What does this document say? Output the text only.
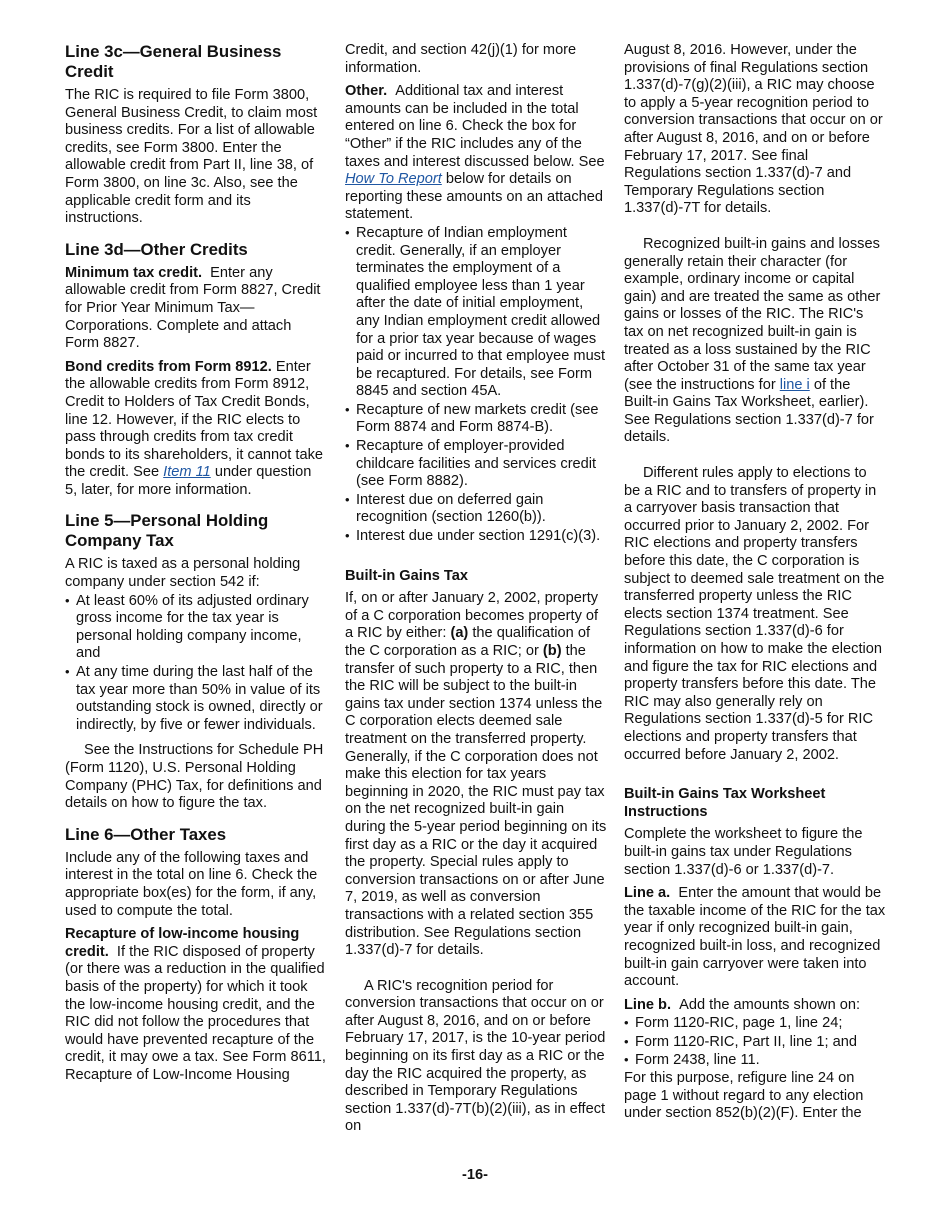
Line 3c—General Business Credit

The RIC is required to file Form 3800, General Business Credit, to claim most business credits. For a list of allowable credits, see Form 3800. Enter the allowable credit from Part II, line 38, of Form 3800, on line 3c. Also, see the applicable credit form and its instructions.

Line 3d—Other Credits

Minimum tax credit. Enter any allowable credit from Form 8827, Credit for Prior Year Minimum Tax—Corporations. Complete and attach Form 8827.

Bond credits from Form 8912. Enter the allowable credits from Form 8912, Credit to Holders of Tax Credit Bonds, line 12. However, if the RIC elects to pass through credits from tax credit bonds to its shareholders, it cannot take the credit. See Item 11 under question 5, later, for more information.

Line 5—Personal Holding Company Tax

A RIC is taxed as a personal holding company under section 542 if:

• At least 60% of its adjusted ordinary gross income for the tax year is personal holding company income, and
• At any time during the last half of the tax year more than 50% in value of its outstanding stock is owned, directly or indirectly, by five or fewer individuals.

See the Instructions for Schedule PH (Form 1120), U.S. Personal Holding Company (PHC) Tax, for definitions and details on how to figure the tax.

Line 6—Other Taxes

Include any of the following taxes and interest in the total on line 6. Check the appropriate box(es) for the form, if any, used to compute the total.

Recapture of low-income housing credit. If the RIC disposed of property (or there was a reduction in the qualified basis of the property) for which it took the low-income housing credit, and the RIC did not follow the procedures that would have prevented recapture of the credit, it may owe a tax. See Form 8611, Recapture of Low-Income Housing

Credit, and section 42(j)(1) for more information.

Other. Additional tax and interest amounts can be included in the total entered on line 6. Check the box for “Other” if the RIC includes any of the taxes and interest discussed below. See How To Report below for details on reporting these amounts on an attached statement.

• Recapture of Indian employment credit. Generally, if an employer terminates the employment of a qualified employee less than 1 year after the date of initial employment, any Indian employment credit allowed for a prior tax year because of wages paid or incurred to that employee must be recaptured. For details, see Form 8845 and section 45A.
• Recapture of new markets credit (see Form 8874 and Form 8874-B).
• Recapture of employer-provided childcare facilities and services credit (see Form 8882).
• Interest due on deferred gain recognition (section 1260(b)).
• Interest due under section 1291(c)(3).
Built-in Gains Tax

If, on or after January 2, 2002, property of a C corporation becomes property of a RIC by either: (a) the qualification of the C corporation as a RIC; or (b) the transfer of such property to a RIC, then the RIC will be subject to the built-in gains tax under section 1374 unless the C corporation elects deemed sale treatment on the transferred property. Generally, if the C corporation does not make this election for tax years beginning in 2020, the RIC must pay tax on the net recognized built-in gain during the 5-year period beginning on its first day as a RIC or the day it acquired the property. Special rules apply to conversion transactions on or after June 7, 2019, as well as conversion transactions with a related section 355 distribution. See Regulations section 1.337(d)-7 for details.

A RIC's recognition period for conversion transactions that occur on or after August 8, 2016, and on or before February 17, 2017, is the 10-year period beginning on its first day as a RIC or the day the RIC acquired the property, as described in Temporary Regulations section 1.337(d)-7T(b)(2)(iii), as in effect on

August 8, 2016. However, under the provisions of final Regulations section 1.337(d)-7(g)(2)(iii), a RIC may choose to apply a 5-year recognition period to conversion transactions that occur on or after August 8, 2016, and on or before February 17, 2017. See final Regulations section 1.337(d)-7 and Temporary Regulations section 1.337(d)-7T for details.

Recognized built-in gains and losses generally retain their character (for example, ordinary income or capital gain) and are treated the same as other gains or losses of the RIC. The RIC's tax on net recognized built-in gain is treated as a loss sustained by the RIC after October 31 of the same tax year (see the instructions for line i of the Built-in Gains Tax Worksheet, earlier). See Regulations section 1.337(d)-7 for details.

Different rules apply to elections to be a RIC and to transfers of property in a carryover basis transaction that occurred prior to January 2, 2002. For RIC elections and property transfers before this date, the C corporation is subject to deemed sale treatment on the transferred property unless the RIC elects section 1374 treatment. See Regulations section 1.337(d)-6 for information on how to make the election and figure the tax for RIC elections and property transfers before this date. The RIC may also generally rely on Regulations section 1.337(d)-5 for RIC elections and property transfers that occurred before January 2, 2002.

Built-in Gains Tax Worksheet Instructions

Complete the worksheet to figure the built-in gains tax under Regulations section 1.337(d)-6 or 1.337(d)-7.

Line a. Enter the amount that would be the taxable income of the RIC for the tax year if only recognized built-in gain, recognized built-in loss, and recognized built-in gain carryover were taken into account.

Line b. Add the amounts shown on:

• Form 1120-RIC, page 1, line 24;
• Form 1120-RIC, Part II, line 1; and
• Form 2438, line 11.

For this purpose, refigure line 24 on page 1 without regard to any election under section 852(b)(2)(F). Enter the

-16-
